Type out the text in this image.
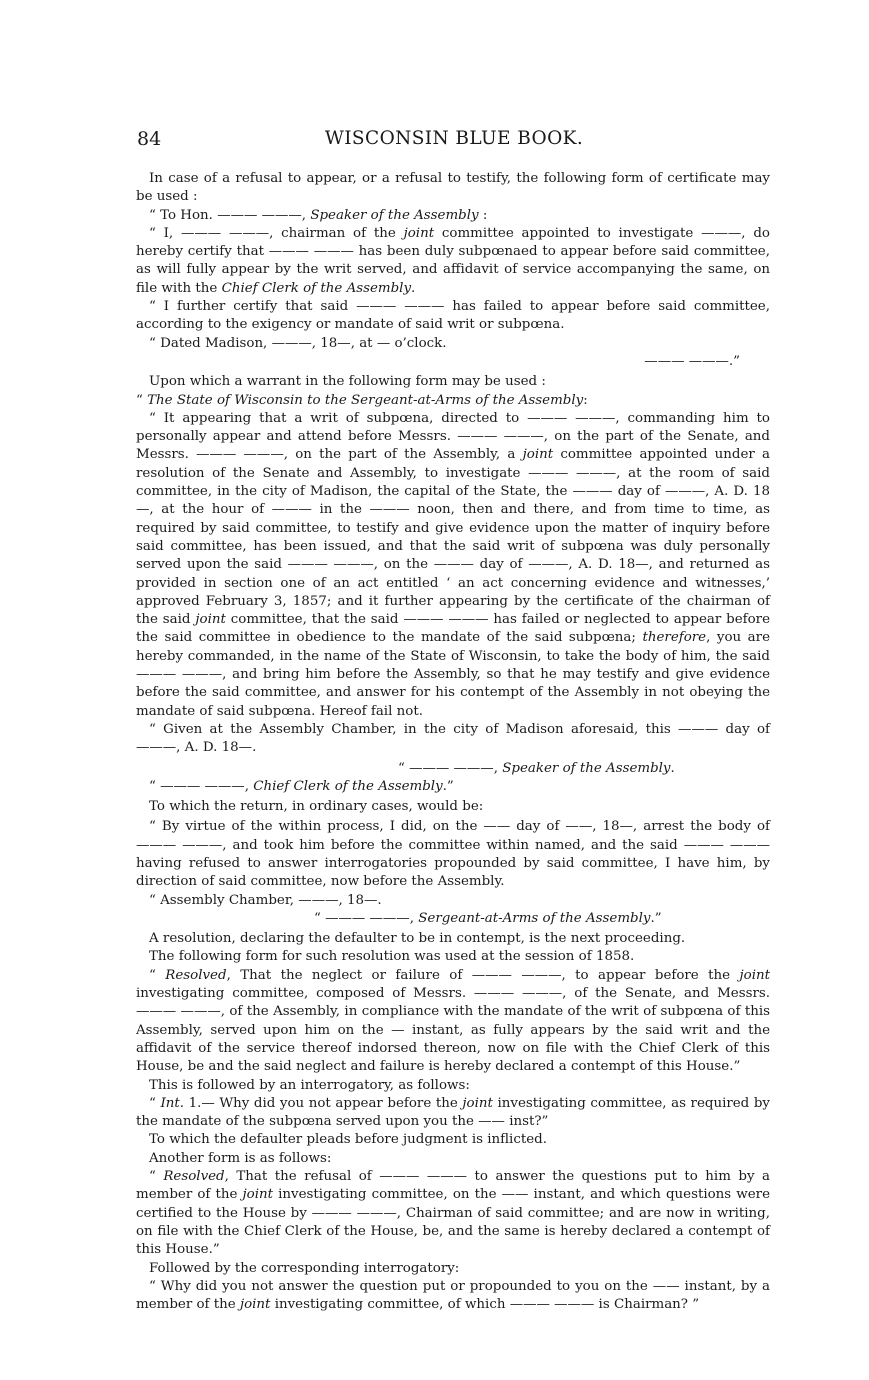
84	WISCONSIN BLUE BOOK.

In case of a refusal to appear, or a refusal to testify, the following form of certificate may be used :

“ To Hon. ——— ———, Speaker of the Assembly :

“ I, ——— ———, chairman of the joint committee appointed to investigate ———, do hereby certify that ——— ——— has been duly subpœnaed to appear before said committee, as will fully appear by the writ served, and affidavit of service accompanying the same, on file with the Chief Clerk of the Assembly.

“ I further certify that said ——— ——— has failed to appear before said committee, according to the exigency or mandate of said writ or subpœna.

“ Dated Madison, ———, 18—, at — o’clock.

——— ———.”

Upon which a warrant in the following form may be used :

“ The State of Wisconsin to the Sergeant-at-Arms of the Assembly:

“ It appearing that a writ of subpœna, directed to ——— ———, commanding him to personally appear and attend before Messrs. ——— ———, on the part of the Senate, and Messrs. ——— ———, on the part of the Assembly, a joint committee appointed under a resolution of the Senate and Assembly, to investigate ——— ———, at the room of said committee, in the city of Madison, the capital of the State, the ——— day of ———, A. D. 18—, at the hour of ——— in the ——— noon, then and there, and from time to time, as required by said committee, to testify and give evidence upon the matter of inquiry before said committee, has been issued, and that the said writ of subpœna was duly personally served upon the said ——— ———, on the ——— day of ———, A. D. 18—, and returned as provided in section one of an act entitled ‘ an act concerning evidence and witnesses,’ approved February 3, 1857; and it further appearing by the certificate of the chairman of the said joint committee, that the said ——— ——— has failed or neglected to appear before the said committee in obedience to the mandate of the said subpœna; therefore, you are hereby commanded, in the name of the State of Wisconsin, to take the body of him, the said ——— ———, and bring him before the Assembly, so that he may testify and give evidence before the said committee, and answer for his contempt of the Assembly in not obeying the mandate of said subpœna. Hereof fail not.

“ Given at the Assembly Chamber, in the city of Madison aforesaid, this ——— day of ———, A. D. 18—.

“ ——— ———, Speaker of the Assembly.

“ ——— ———, Chief Clerk of the Assembly.”

To which the return, in ordinary cases, would be:

“ By virtue of the within process, I did, on the —— day of ——, 18—, arrest the body of ——— ———, and took him before the committee within named, and the said ——— ——— having refused to answer interrogatories propounded by said committee, I have him, by direction of said committee, now before the Assembly.

“ Assembly Chamber, ———, 18—.

“ ——— ———, Sergeant-at-Arms of the Assembly.”

A resolution, declaring the defaulter to be in contempt, is the next proceeding.

The following form for such resolution was used at the session of 1858.

“ Resolved, That the neglect or failure of ——— ———, to appear before the joint investigating committee, composed of Messrs. ——— ———, of the Senate, and Messrs. ——— ———, of the Assembly, in compliance with the mandate of the writ of subpœna of this Assembly, served upon him on the — instant, as fully appears by the said writ and the affidavit of the service thereof indorsed thereon, now on file with the Chief Clerk of this House, be and the said neglect and failure is hereby declared a contempt of this House.”

This is followed by an interrogatory, as follows:

“ Int. 1.— Why did you not appear before the joint investigating committee, as required by the mandate of the subpœna served upon you the —— inst?”

To which the defaulter pleads before judgment is inflicted.

Another form is as follows:

“ Resolved, That the refusal of ——— ——— to answer the questions put to him by a member of the joint investigating committee, on the —— instant, and which questions were certified to the House by ——— ———, Chairman of said committee; and are now in writing, on file with the Chief Clerk of the House, be, and the same is hereby declared a contempt of this House.”

Followed by the corresponding interrogatory:

“ Why did you not answer the question put or propounded to you on the —— instant, by a member of the joint investigating committee, of which ——— ——— is Chairman? ”
